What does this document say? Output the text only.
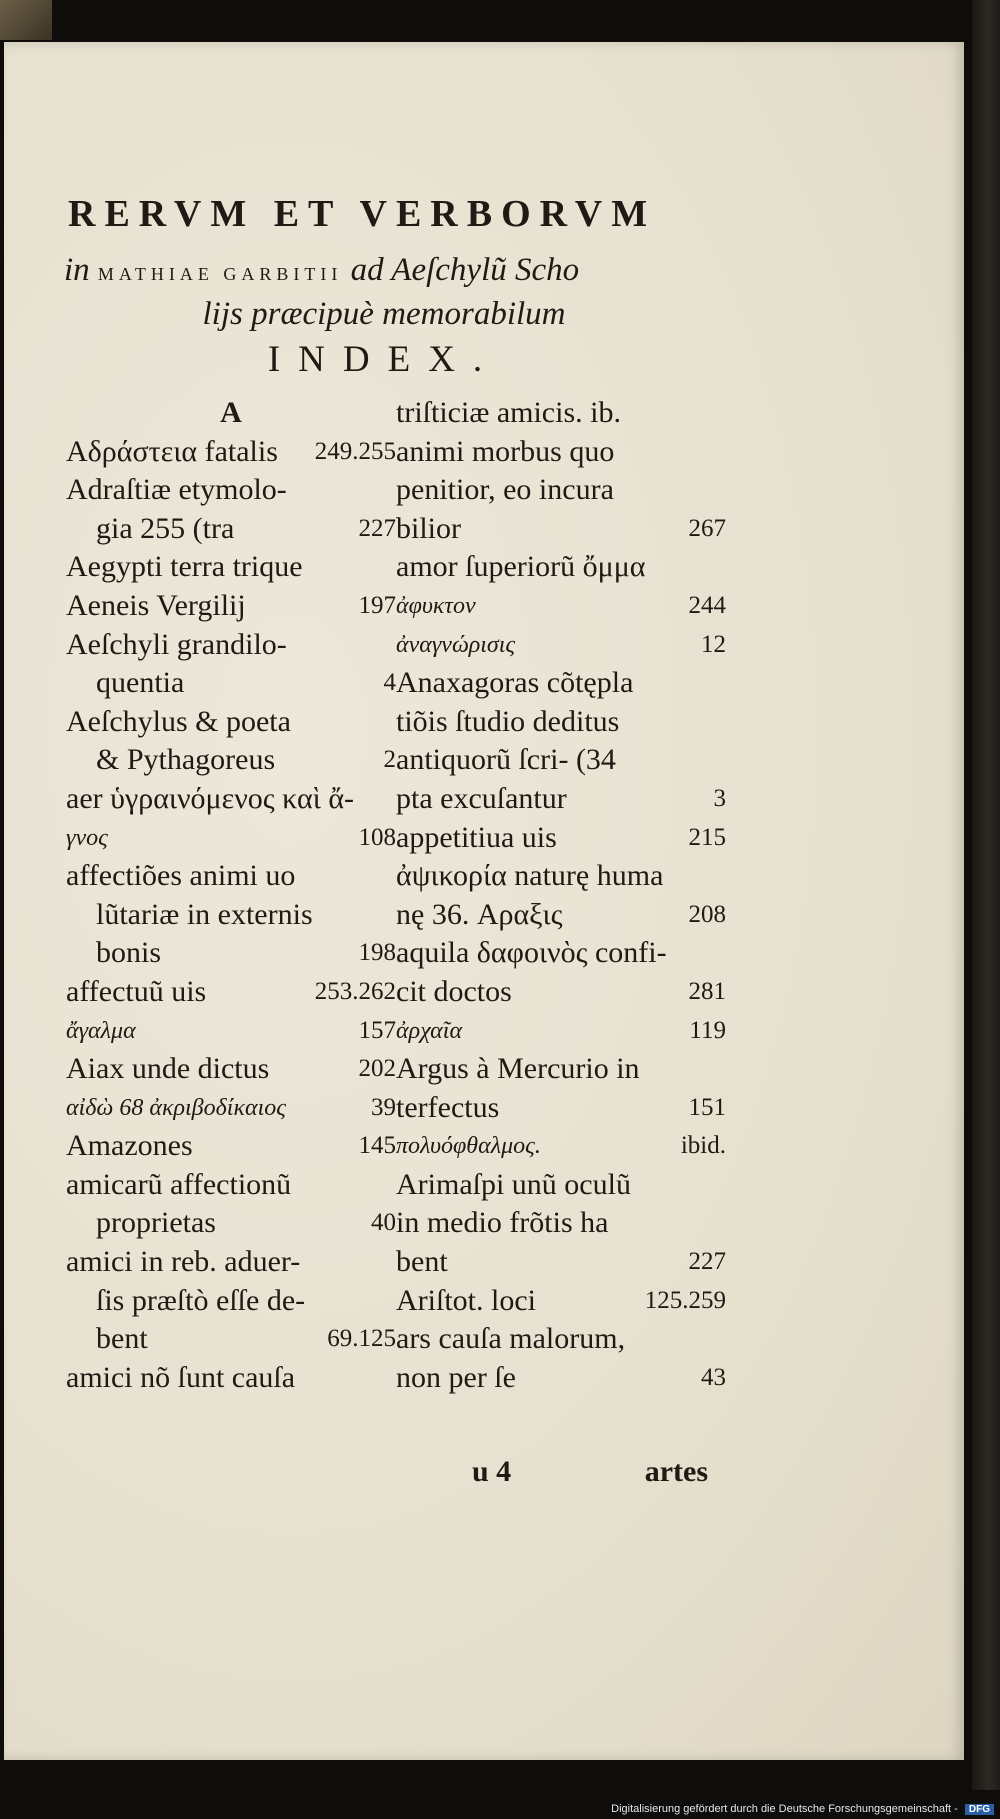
RERVM ET VERBORVM
in MATHIAE GARBITII ad Aeſchylũ Scho
lijs præcipuè memorabilum
INDEX.
A
Αδράστεια fatalis 249.255
Adraſtiæ etymolo-
gia 255 (tra	227
Aegypti terra trique
Aeneis Vergilij	197
Aeſchyli grandilo-
quentia	4
Aeſchylus & poeta
& Pythagoreus	2
aer ὑγραινόμενος καὶ ἄ-
γνος	108
affectiões animi uo
lũtariæ in externis
bonis	198
affectuũ uis	253.262
ἄγαλμα	157
Aiax unde dictus	202
αἰδὼ 68 ἀκριβοδίκαιος	39
Amazones	145
amicarũ affectionũ
proprietas	40
amici in reb. aduer-
ſis præſtò eſſe de-
bent	69.125
amici nõ ſunt cauſa
triſticiæ amicis. ib.
animi morbus quo
penitior, eo incura
bilior	267
amor ſuperiorũ ὄμμα
ἀφυκτον	244
ἀναγνώρισις	12
Anaxagoras cõtępla
tiõis ſtudio deditus
antiquorũ ſcri- (34
pta excuſantur	3
appetitiua uis	215
ἀψικορία naturę huma
nę 36. Αραξις	208
aquila δαφοινὸς confi-
cit doctos	281
ἀρχαῖα	119
Argus à Mercurio in
terfectus	151
πολυόφθαλμος.	ibid.
Arimaſpi unũ oculũ
in medio frõtis ha
bent	227
Ariſtot. loci	125.259
ars cauſa malorum,
non per ſe	43
u 4	artes
Digitalisierung gefördert durch die Deutsche Forschungsgemeinschaft - DFG
